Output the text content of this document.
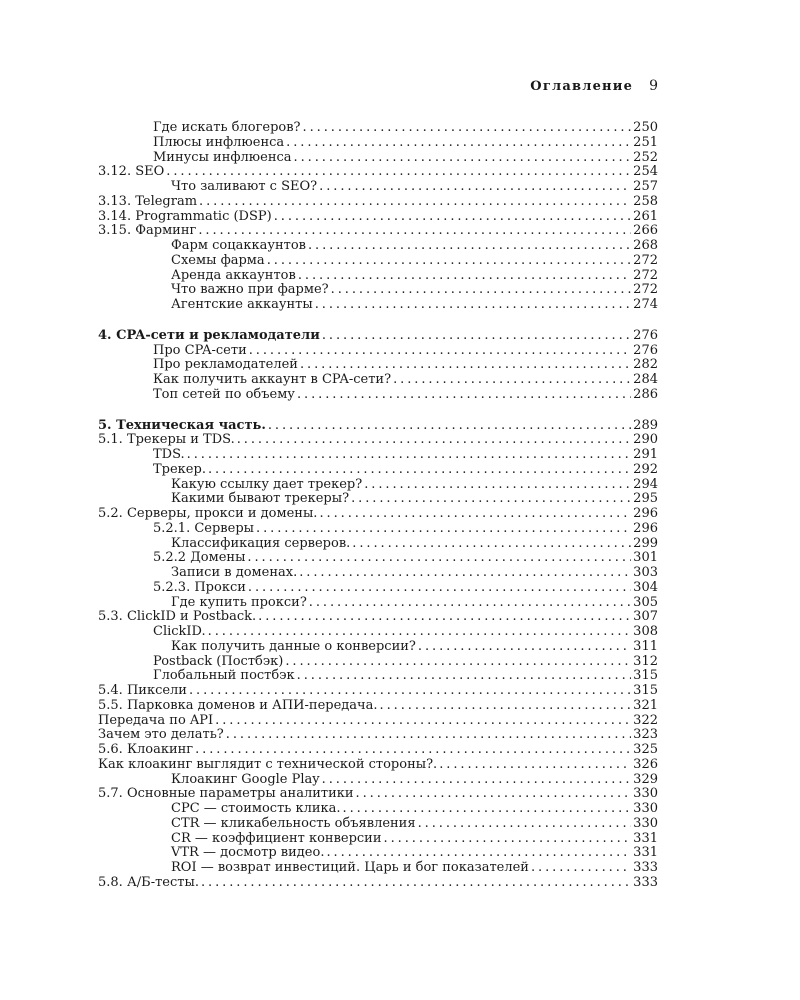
Оглавление 9
Где искать блогеров? . . .	250
Плюсы инфлюенса . . .	251
Минусы инфлюенса . . .	252
3.12. SEO . . .	254
Что заливают с SEO? . . .	257
3.13. Telegram . . .	258
3.14. Programmatic (DSP) . . .	261
3.15. Фарминг . . .	266
Фарм соцаккаунтов . . .	268
Схемы фарма . . .	272
Аренда аккаунтов . . .	272
Что важно при фарме? . . .	272
Агентские аккаунты . . .	274
4. CPA-сети и рекламодатели . . .	276
Про CPA-сети . . .	276
Про рекламодателей . . .	282
Как получить аккаунт в CPA-сети? . . .	284
Топ сетей по объему . . .	286
5. Техническая часть. . . .	289
5.1. Трекеры и TDS. . . .	290
TDS. . . .	291
Трекер. . . .	292
Какую ссылку дает трекер? . . .	294
Какими бывают трекеры? . . .	295
5.2. Серверы, прокси и домены. . . .	296
5.2.1. Серверы . . .	296
Классификация серверов. . . .	299
5.2.2 Домены . . .	301
Записи в доменах. . . .	303
5.2.3. Прокси . . .	304
Где купить прокси? . . .	305
5.3. ClickID и Postback. . . .	307
ClickID. . . .	308
Как получить данные о конверсии? . . .	311
Postback (Постбэк) . . .	312
Глобальный постбэк . . .	315
5.4. Пиксели . . .	315
5.5. Парковка доменов и АПИ-передача. . . .	321
Передача по API . . .	322
Зачем это делать? . . .	323
5.6. Клоакинг . . .	325
Как клоакинг выглядит с технической стороны?. . . .	326
Клоакинг Google Play . . .	329
5.7. Основные параметры аналитики . . .	330
CPC — стоимость клика. . . .	330
CTR — кликабельность объявления . . .	330
CR — коэффициент конверсии . . .	331
VTR — досмотр видео. . . .	331
ROI — возврат инвестиций. Царь и бог показателей . . .	333
5.8. А/Б-тесты. . . .	333
